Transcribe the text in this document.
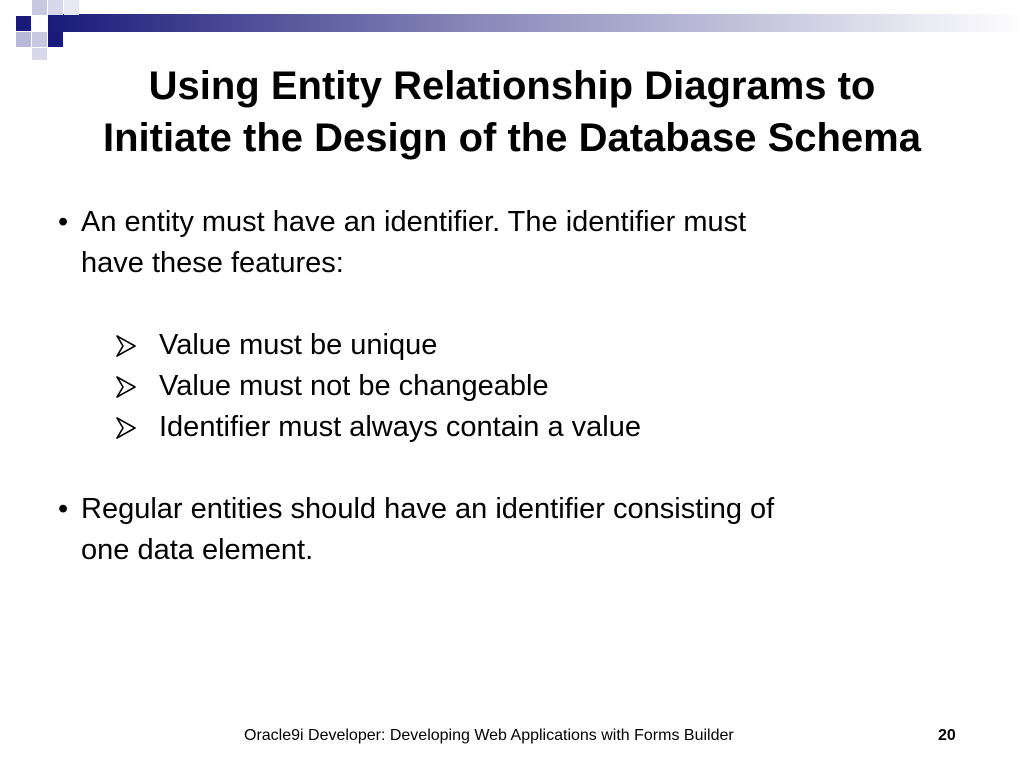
Using Entity Relationship Diagrams to
Initiate the Design of the Database Schema
• An entity must have an identifier. The identifier must
have these features:
Value must be unique
Value must not be changeable
Identifier must always contain a value
• Regular entities should have an identifier consisting of
one data element.
Oracle9i Developer: Developing Web Applications with Forms Builder	20
